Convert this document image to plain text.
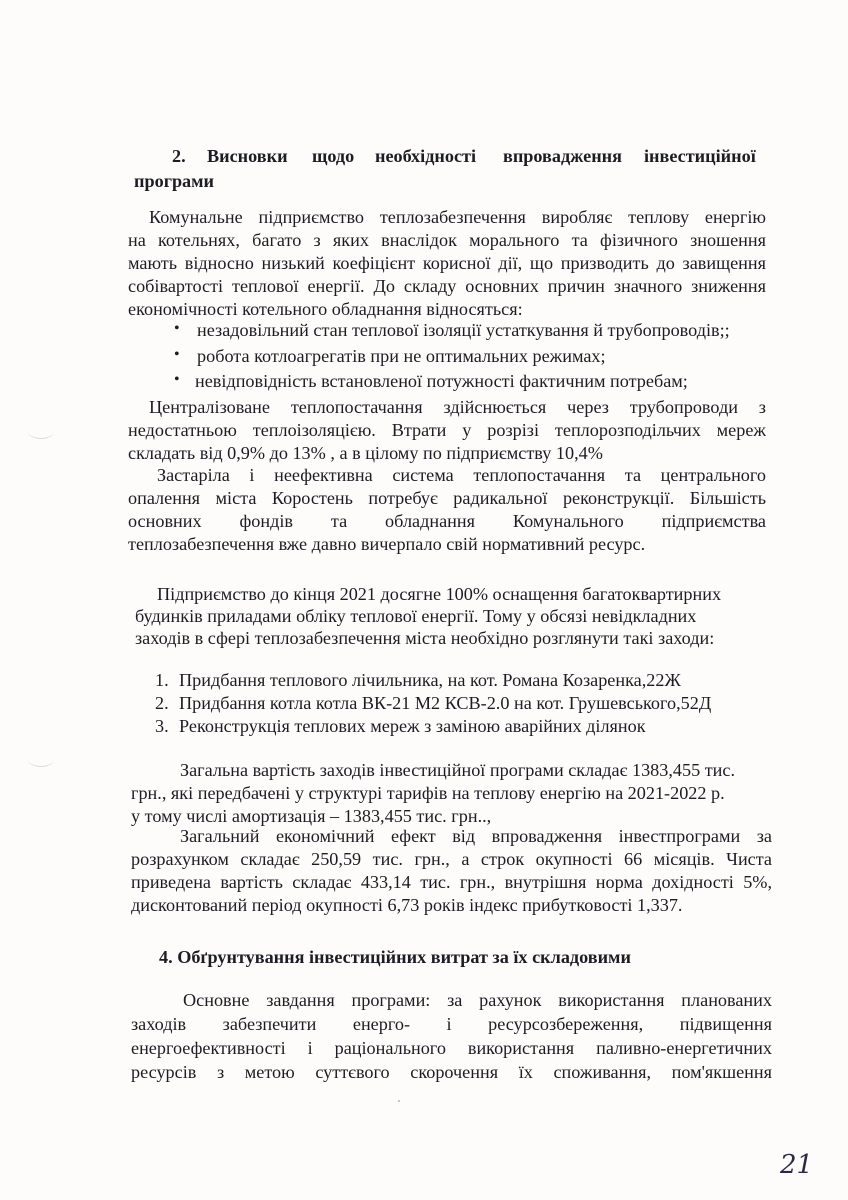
2. Висновки щодо необхідності впровадження інвестиційної
програми
Комунальне підприємство теплозабезпечення виробляє теплову енергію
на котельнях, багато з яких внаслідок морального та фізичного зношення
мають відносно низький коефіцієнт корисної дії, що призводить до завищення
собівартості теплової енергії. До складу основних причин значного зниження
економічності котельного обладнання відносяться:
• незадовільний стан теплової ізоляції устаткування й трубопроводів;;
• робота котлоагрегатів при не оптимальних режимах;
• невідповідність встановленої потужності фактичним потребам;
Централізоване теплопостачання здійснюється через трубопроводи з
недостатньою теплоізоляцією. Втрати у розрізі теплорозподільчих мереж
складать від 0,9% до 13% , а в цілому по підприємству 10,4%
Застаріла і неефективна система теплопостачання та центрального
опалення міста Коростень потребує радикальної реконструкції. Більшість
основних фондів та обладнання Комунального підприємства
теплозабезпечення вже давно вичерпало свій нормативний ресурс.
Підприємство до кінця 2021 досягне 100% оснащення багатоквартирних
будинків приладами обліку теплової енергії. Тому у обсязі невідкладних
заходів в сфері теплозабезпечення міста необхідно розглянути такі заходи:
1. Придбання теплового лічильника, на кот. Романа Козаренка,22Ж
2. Придбання котла котла ВК-21 М2 КСВ-2.0 на кот. Грушевського,52Д
3. Реконструкція теплових мереж з заміною аварійних ділянок
Загальна вартість заходів інвестиційної програми складає 1383,455 тис.
грн., які передбачені у структурі тарифів на теплову енергію на 2021-2022 р.
у тому числі амортизація – 1383,455 тис. грн..,
Загальний економічний ефект від впровадження інвестпрограми за
розрахунком складає 250,59 тис. грн., а строк окупності 66 місяців. Чиста
приведена вартість складає 433,14 тис. грн., внутрішня норма дохідності 5%,
дисконтований період окупності 6,73 років індекс прибутковості 1,337.
4. Обґрунтування інвестиційних витрат за їх складовими
Основне завдання програми: за рахунок використання планованих
заходів забезпечити енерго- і ресурсозбереження, підвищення
енергоефективності і раціонального використання паливно-енергетичних
ресурсів з метою суттєвого скорочення їх споживання, пом'якшення
21
